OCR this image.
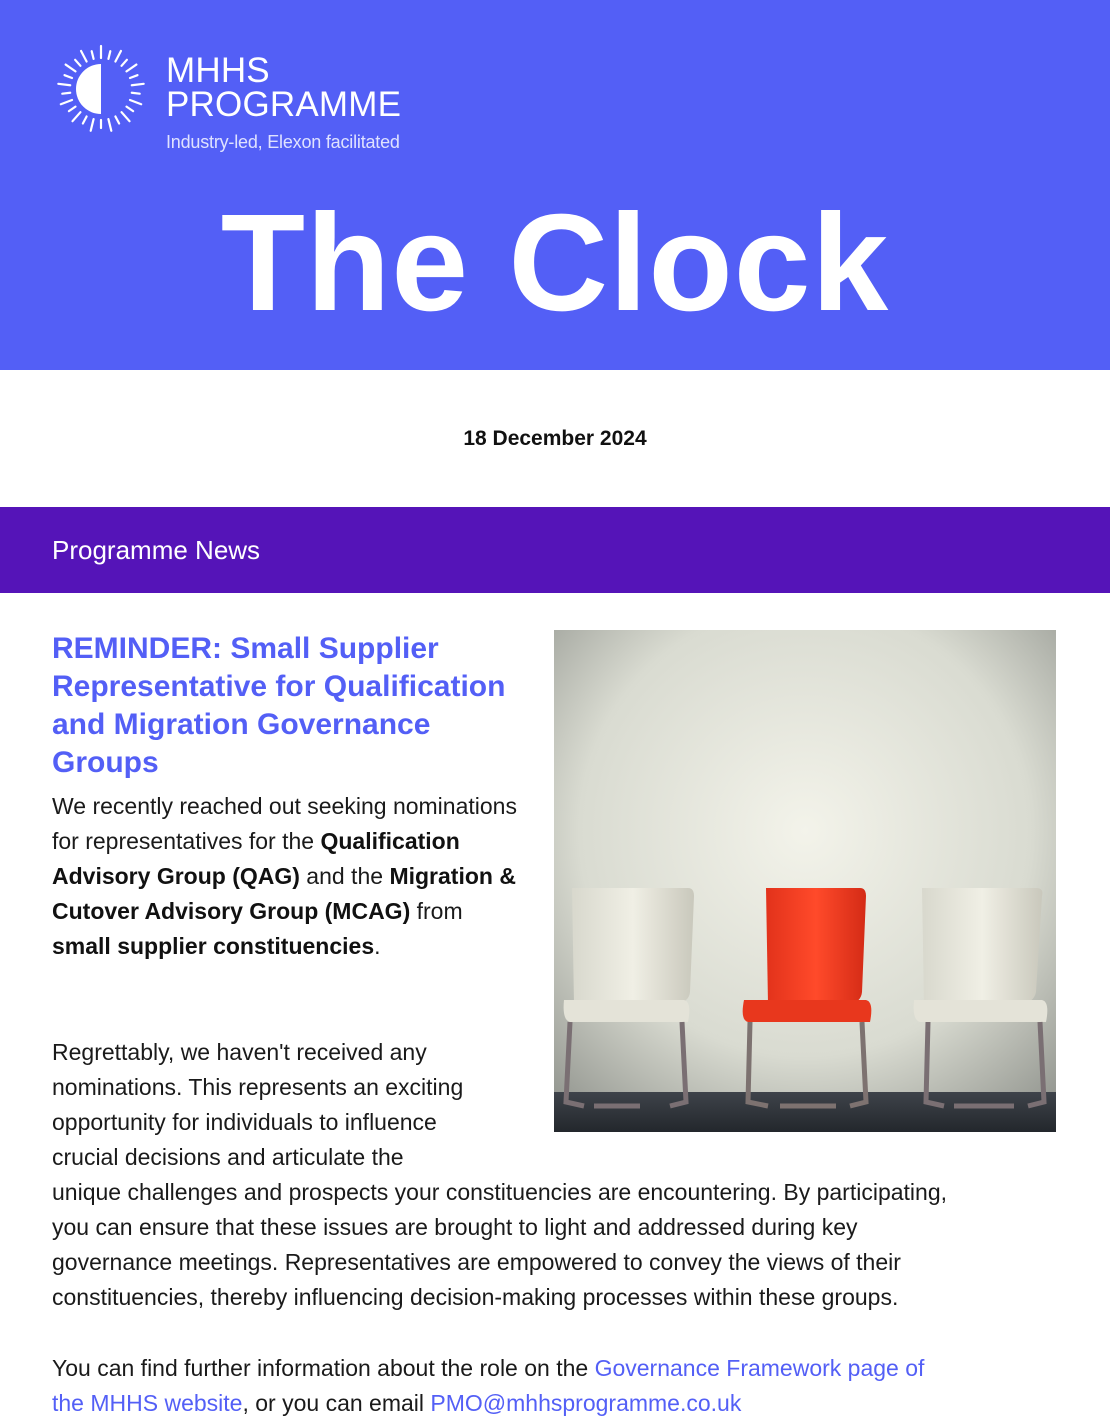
MHHS
PROGRAMME
Industry-led, Elexon facilitated
The Clock
18 December 2024
Programme News
REMINDER: Small Supplier Representative for Qualification and Migration Governance Groups
We recently reached out seeking nominations for representatives for the Qualification Advisory Group (QAG) and the Migration & Cutover Advisory Group (MCAG) from small supplier constituencies.
Regrettably, we haven't received any
nominations. This represents an exciting
opportunity for individuals to influence
crucial decisions and articulate the
unique challenges and prospects your constituencies are encountering. By participating,
you can ensure that these issues are brought to light and addressed during key
governance meetings. Representatives are empowered to convey the views of their
constituencies, thereby influencing decision-making processes within these groups.
You can find further information about the role on the Governance Framework page of
the MHHS website, or you can email PMO@mhhsprogramme.co.uk
